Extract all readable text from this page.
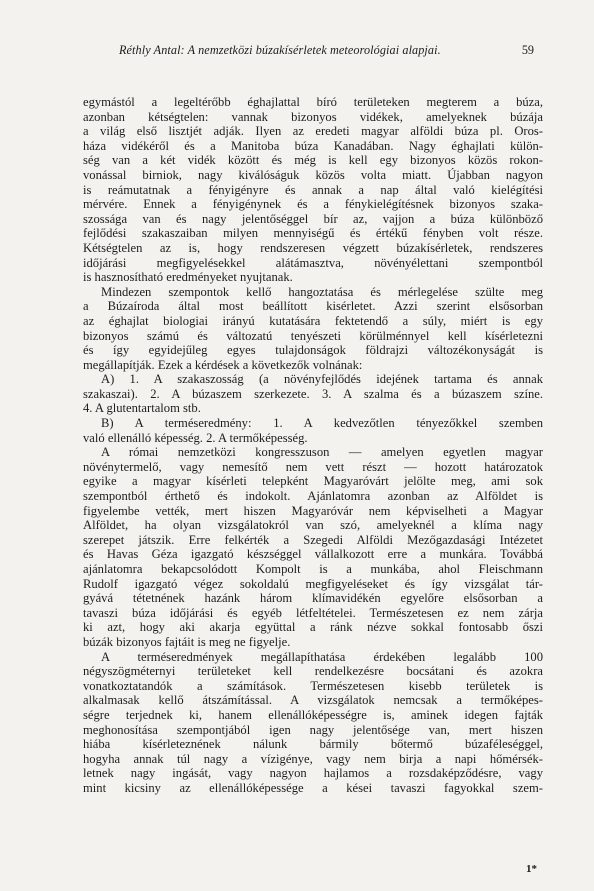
Réthly Antal: A nemzetközi búzakísérletek meteorológiai alapjai.	59
egymástól a legeltérőbb éghajlattal bíró területeken megterem a búza,
azonban kétségtelen: vannak bizonyos vidékek, amelyeknek búzája
a világ első lisztjét adják. Ilyen az eredeti magyar alföldi búza pl. Oros-
háza vidékéről és a Manitoba búza Kanadában. Nagy éghajlati külön-
ség van a két vidék között és még is kell egy bizonyos közös rokon-
vonással birniok, nagy kiválóságuk közös volta miatt. Újabban nagyon
is reámutatnak a fényigényre és annak a nap által való kielégítési
mérvére. Ennek a fényigénynek és a fénykielégítésnek bizonyos szaka-
szossága van és nagy jelentőséggel bír az, vajjon a búza különböző
fejlődési szakaszaiban milyen mennyiségű és értékű fényben volt része.
Kétségtelen az is, hogy rendszeresen végzett búzakísérletek, rendszeres
időjárási megfigyelésekkel alátámasztva, növényélettani szempontból
is hasznosítható eredményeket nyujtanak.
Mindezen szempontok kellő hangoztatása és mérlegelése szülte meg
a Búzaíroda által most beállított kisérletet. Azzi szerint elsősorban
az éghajlat biologiai irányú kutatására fektetendő a súly, miért is egy
bizonyos számú és változatú tenyészeti körülménnyel kell kísérletezni
és így egyidejűleg egyes tulajdonságok földrajzi változékonyságát is
megállapítják. Ezek a kérdések a következők volnának:
A) 1. A szakaszosság (a növényfejlődés idejének tartama és annak
szakaszai). 2. A búzaszem szerkezete. 3. A szalma és a búzaszem színe.
4. A glutentartalom stb.
B) A terméseredmény: 1. A kedvezőtlen tényezőkkel szemben
való ellenálló képesség. 2. A termőképesség.
A római nemzetközi kongresszuson — amelyen egyetlen magyar
növénytermelő, vagy nemesítő nem vett részt — hozott határozatok
egyike a magyar kísérleti telepként Magyaróvárt jelölte meg, ami sok
szempontból érthető és indokolt. Ajánlatomra azonban az Alföldet is
figyelembe vették, mert hiszen Magyaróvár nem képviselheti a Magyar
Alföldet, ha olyan vizsgálatokról van szó, amelyeknél a klíma nagy
szerepet játszik. Erre felkérték a Szegedi Alföldi Mezőgazdasági Intézetet
és Havas Géza igazgató készséggel vállalkozott erre a munkára. Továbbá
ajánlatomra bekapcsolódott Kompolt is a munkába, ahol Fleischmann
Rudolf igazgató végez sokoldalú megfigyeléseket és így vizsgálat tár-
gyává tétetnének hazánk három klímavidékén egyelőre elsősorban a
tavaszi búza időjárási és egyéb létfeltételei. Természetesen ez nem zárja
ki azt, hogy aki akarja együttal a ránk nézve sokkal fontosabb őszi
búzák bizonyos fajtáit is meg ne figyelje.
A terméseredmények megállapíthatása érdekében legalább 100
négyszögméternyi területeket kell rendelkezésre bocsátani és azokra
vonatkoztatandók a számítások. Természetesen kisebb területek is
alkalmasak kellő átszámítással. A vizsgálatok nemcsak a termőképes-
ségre terjednek ki, hanem ellenállóképességre is, aminek idegen fajták
meghonosítása szempontjából igen nagy jelentősége van, mert hiszen
hiába kísérleteznének nálunk bármily bőtermő búzaféleséggel,
hogyha annak túl nagy a vízigénye, vagy nem birja a napi hőmérsék-
letnek nagy ingását, vagy nagyon hajlamos a rozsdaképződésre, vagy
mint kicsiny az ellenállóképessége a kései tavaszi fagyokkal szem-
1*
